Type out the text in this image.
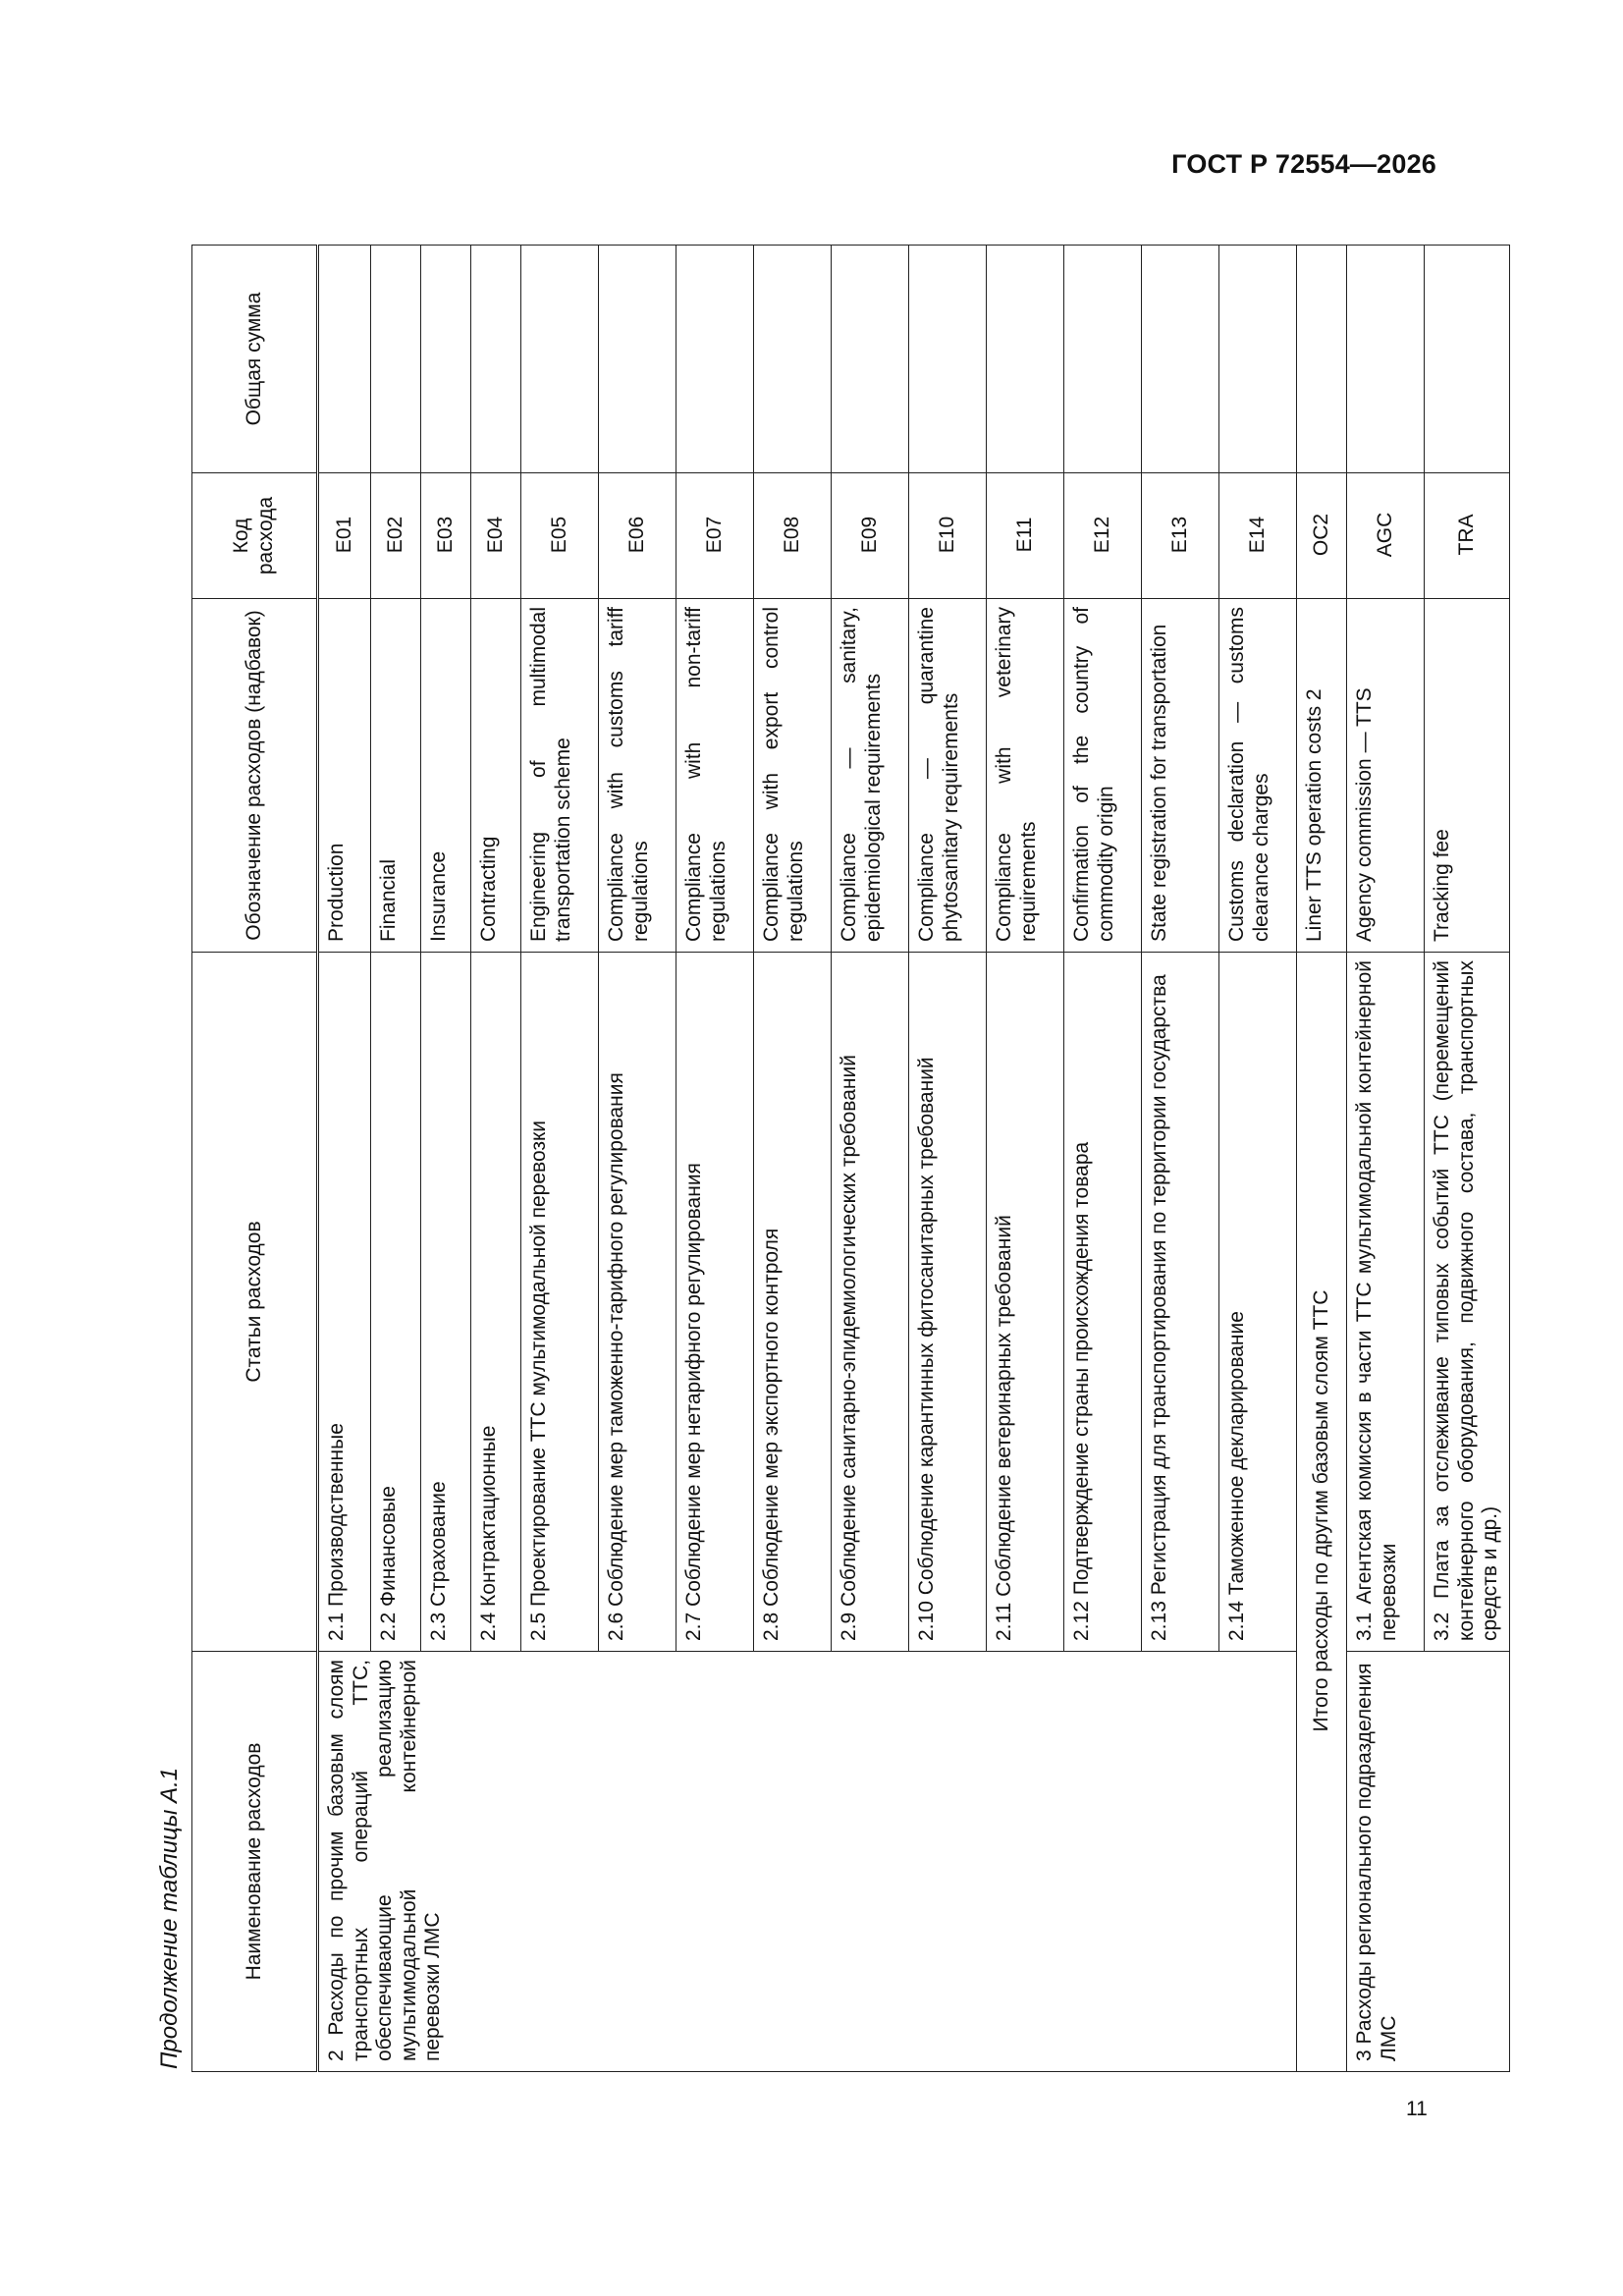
ГОСТ Р 72554—2026
Продолжение таблицы А.1	Наименование расходов	Статьи расходов	Обозначение расходов (надбавок)	Код расхода	Общая сумма
2 Расходы по прочим базовым слоям транспортных операций ТТС, обеспечивающие реализацию мультимодальной контейнерной перевозки ЛМС	2.1 Производственные	Production	E01	
	2.2 Финансовые	Financial	E02	
	2.3 Страхование	Insurance	E03	
	2.4 Контрактационные	Contracting	E04	
	2.5 Проектирование ТТС мультимодальной перевозки	Engineering of multimodal transportation scheme	E05	
	2.6 Соблюдение мер таможенно-тарифного регулирования	Compliance with customs tariff regulations	E06	
	2.7 Соблюдение мер нетарифного регулирования	Compliance with non-tariff regulations	E07	
	2.8 Соблюдение мер экспортного контроля	Compliance with export control regulations	E08	
	2.9 Соблюдение санитарно-эпидемиологических требований	Compliance — sanitary, epidemiological requirements	E09	
	2.10 Соблюдение карантинных фитосанитарных требований	Compliance — quarantine phytosanitary requirements	E10	
	2.11 Соблюдение ветеринарных требований	Compliance with veterinary requirements	E11	
	2.12 Подтверждение страны происхождения товара	Confirmation of the country of commodity origin	E12	
	2.13 Регистрация для транспортирования по территории государства	State registration for transportation	E13	
	2.14 Таможенное декларирование	Customs declaration — customs clearance charges	E14	
Итого расходы по другим базовым слоям ТТС		Liner TTS operation costs 2	OC2	
3 Расходы регионального подразделения ЛМС	3.1 Агентская комиссия в части ТТС мультимодальной контейнерной перевозки	Agency commission — TTS	AGC	
	3.2 Плата за отслеживание типовых событий ТТС (перемещений контейнерного оборудования, подвижного состава, транспортных средств и др.)	Tracking fee	TRA	
11
